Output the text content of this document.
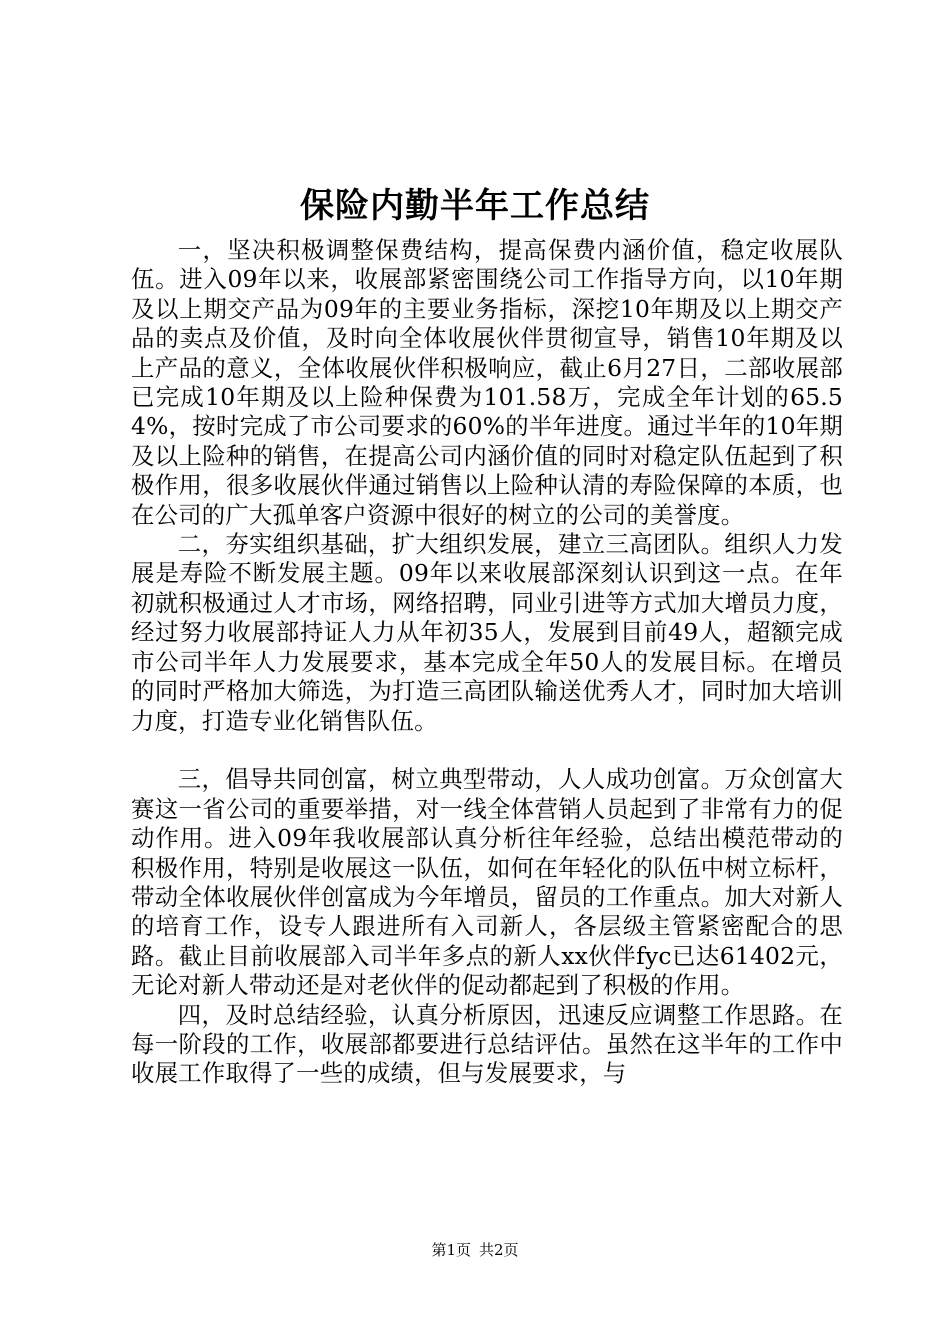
保险内勤半年工作总结

一，坚决积极调整保费结构，提高保费内涵价值，稳定收展队伍。进入09年以来，收展部紧密围绕公司工作指导方向，以10年期及以上期交产品为09年的主要业务指标，深挖10年期及以上期交产品的卖点及价值，及时向全体收展伙伴贯彻宣导，销售10年期及以上产品的意义，全体收展伙伴积极响应，截止6月27日，二部收展部已完成10年期及以上险种保费为101.58万，完成全年计划的65.54%，按时完成了市公司要求的60%的半年进度。通过半年的10年期及以上险种的销售，在提高公司内涵价值的同时对稳定队伍起到了积极作用，很多收展伙伴通过销售以上险种认清的寿险保障的本质，也在公司的广大孤单客户资源中很好的树立的公司的美誉度。

二，夯实组织基础，扩大组织发展，建立三高团队。组织人力发展是寿险不断发展主题。09年以来收展部深刻认识到这一点。在年初就积极通过人才市场，网络招聘，同业引进等方式加大增员力度，经过努力收展部持证人力从年初35人，发展到目前49人，超额完成市公司半年人力发展要求，基本完成全年50人的发展目标。在增员的同时严格加大筛选，为打造三高团队输送优秀人才，同时加大培训力度，打造专业化销售队伍。

三，倡导共同创富，树立典型带动，人人成功创富。万众创富大赛这一省公司的重要举措，对一线全体营销人员起到了非常有力的促动作用。进入09年我收展部认真分析往年经验，总结出模范带动的积极作用，特别是收展这一队伍，如何在年轻化的队伍中树立标杆，带动全体收展伙伴创富成为今年增员，留员的工作重点。加大对新人的培育工作，设专人跟进所有入司新人，各层级主管紧密配合的思路。截止目前收展部入司半年多点的新人xx伙伴fyc已达61402元，无论对新人带动还是对老伙伴的促动都起到了积极的作用。

四，及时总结经验，认真分析原因，迅速反应调整工作思路。在每一阶段的工作，收展部都要进行总结评估。虽然在这半年的工作中收展工作取得了一些的成绩，但与发展要求，与

第1页 共2页
